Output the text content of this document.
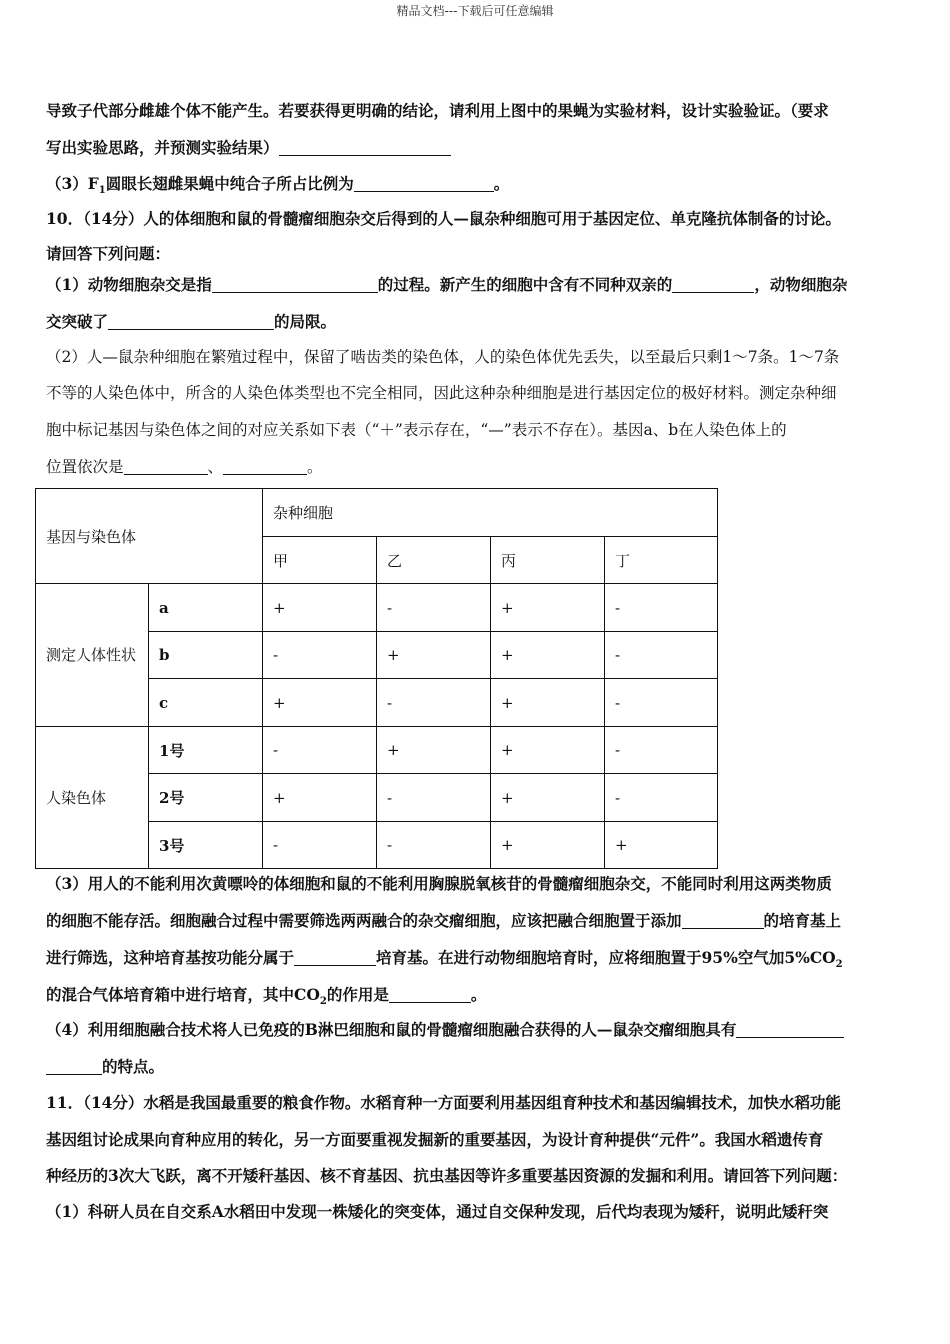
精品文档---下载后可任意编辑
导致子代部分雌雄个体不能产生。若要获得更明确的结论，请利用上图中的果蝇为实验材料，设计实验验证。（要求
写出实验思路，并预测实验结果）
$(3)F_1$圆眼长翅雌果蝇中纯合子所占比例为	。
10．（14分）人的体细胞和鼠的骨髓瘤细胞杂交后得到的人—鼠杂种细胞可用于基因定位、单克隆抗体制备的讨论。
请回答下列问题：
（1）动物细胞杂交是指	的过程。新产生的细胞中含有不同种双亲的	，动物细胞杂
交突破了	的局限。
（2）人—鼠杂种细胞在繁殖过程中，保留了啮齿类的染色体，人的染色体优先丢失，以至最后只剩1～7条。1～7条
不等的人染色体中，所含的人染色体类型也不完全相同，因此这种杂种细胞是进行基因定位的极好材料。测定杂种细
胞中标记基因与染色体之间的对应关系如下表（“＋”表示存在，“—”表示不存在）。基因a、b在人染色体上的
位置依次是	、	。
基因与染色体		杂种细胞			
		甲	乙	丙	丁
测定人体性状	a	+	-	+	-
	b	-	+	+	-
	c	+	-	+	-
人染色体	1号	-	+	+	-
	2号	+	-	+	-
	3号	-	-	+	+
（3）用人的不能利用次黄嘌呤的体细胞和鼠的不能利用胸腺脱氧核苷的骨髓瘤细胞杂交，不能同时利用这两类物质
的细胞不能存活。细胞融合过程中需要筛选两两融合的杂交瘤细胞，应该把融合细胞置于添加	的培育基上
进行筛选，这种培育基按功能分属于	培育基。在进行动物细胞培育时，应将细胞置于95%空气加$5\%CO_2$
的混合气体培育箱中进行培育，其中$CO_2$的作用是	。
（4）利用细胞融合技术将人已免疫的B淋巴细胞和鼠的骨髓瘤细胞融合获得的人—鼠杂交瘤细胞具有
的特点。
11．（14分）水稻是我国最重要的粮食作物。水稻育种一方面要利用基因组育种技术和基因编辑技术，加快水稻功能
基因组讨论成果向育种应用的转化，另一方面要重视发掘新的重要基因，为设计育种提供“元件”。我国水稻遗传育
种经历的3次大飞跃，离不开矮秆基因、核不育基因、抗虫基因等许多重要基因资源的发掘和利用。请回答下列问题：
（1）科研人员在自交系A水稻田中发现一株矮化的突变体，通过自交保种发现，后代均表现为矮秆，说明此矮秆突
